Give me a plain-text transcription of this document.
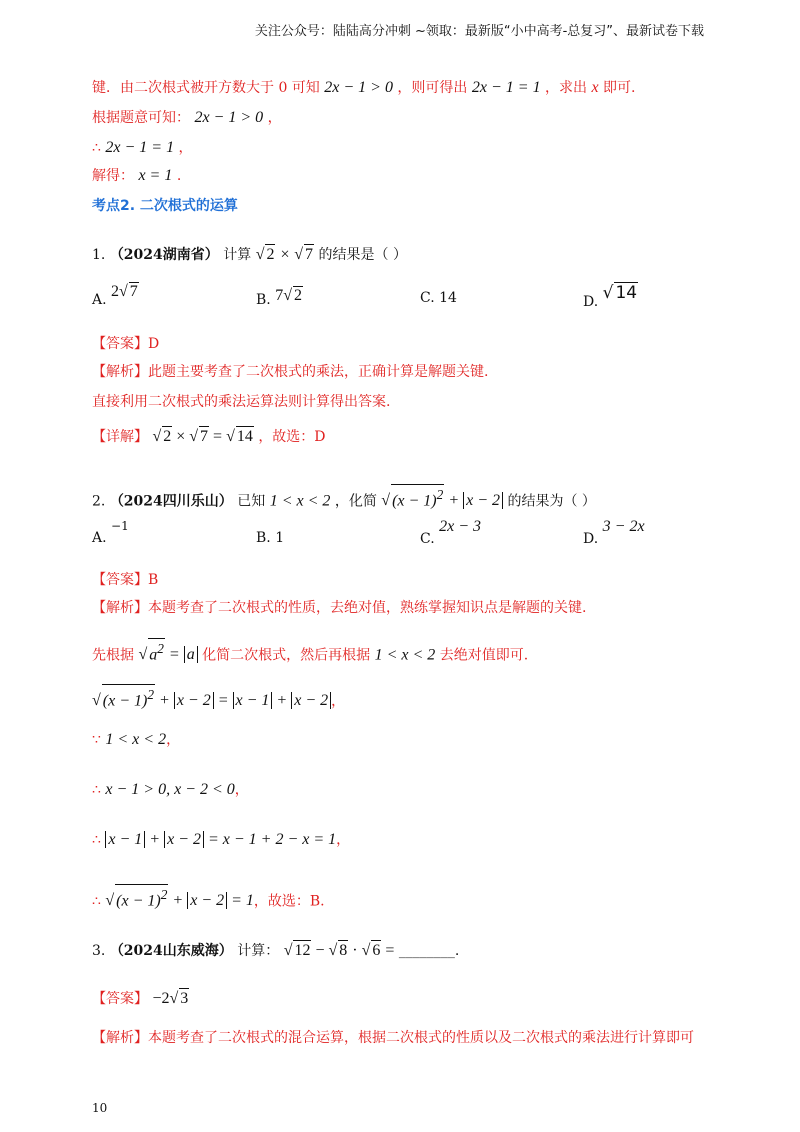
关注公众号：陆陆高分冲刺 ~领取：最新版“小中高考-总复习”、最新试卷下载
键．由二次根式被开方数大于 0 可知 2x − 1 > 0 ，则可得出 2x − 1 = 1 ，求出 x 即可.
根据题意可知： 2x − 1 > 0 ，
∴ 2x − 1 = 1 ，
解得： x = 1 .
考点2. 二次根式的运算
1. （2024湖南省） 计算 √ 2 × √ 7 的结果是（ ）
A. 2√ 7	B. 7√ 2	C. 14	D. √ 14
【答案】D
【解析】此题主要考查了二次根式的乘法，正确计算是解题关键.
直接利用二次根式的乘法运算法则计算得出答案.
【详解】 √ 2 × √ 7 = √ 14 ，故选：D
2. （2024四川乐山） 已知 1 < x < 2 ，化简 √ $(x - 1)^2 + x - 2$ 的结果为（ ）
A. −1
B. 1	C. 2x − 3
D. 3 − 2x
【答案】B
【解析】本题考查了二次根式的性质，去绝对值，熟练掌握知识点是解题的关键.
先根据 √ $a^2 = a$ 化简二次根式，然后再根据 1 < x < 2 去绝对值即可.
√ $(x - 1)^2 + x - 2 = x - 1 + x - 2$ ，
∵ 1 < x < 2，
∴ x − 1 > 0, x − 2 < 0，
∴ x − 1 + x − 2 = x − 1 + 2 − x = 1，
∴ √ $(x - 1)^2 + x - 2 = 1$，故选：B.
3. （2024山东威海） 计算： √ 12 − √ 8 · √ 6 = ________.
【答案】 −2√ 3
【解析】本题考查了二次根式的混合运算，根据二次根式的性质以及二次根式的乘法进行计算即可
10
